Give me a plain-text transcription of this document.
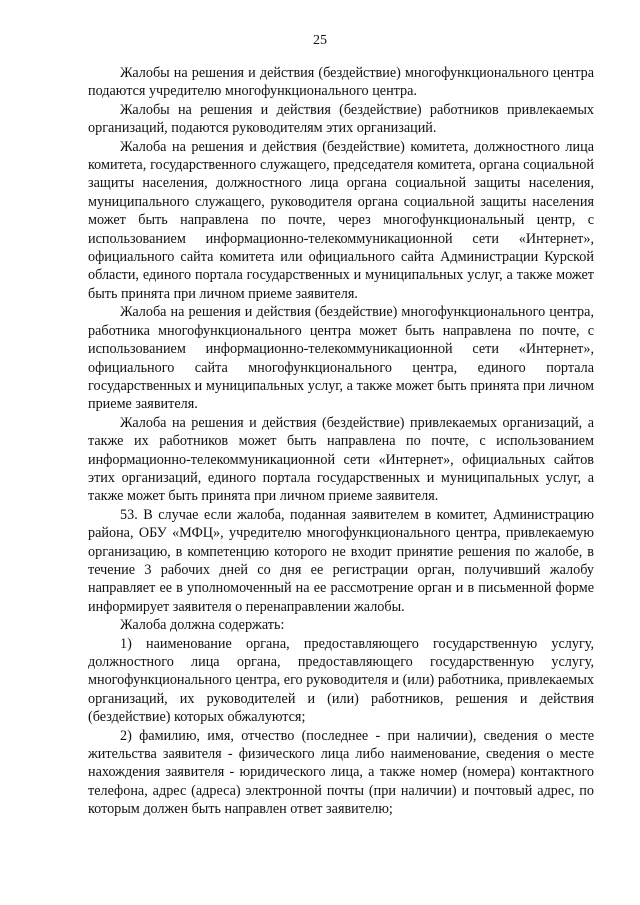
25

Жалобы на решения и действия (бездействие) многофункционального центра подаются учредителю многофункционального центра.

Жалобы на решения и действия (бездействие) работников привлекаемых организаций, подаются руководителям этих организаций.

Жалоба на решения и действия (бездействие) комитета, должностного лица комитета, государственного служащего, председателя комитета, органа социальной защиты населения, должностного лица органа социальной защиты населения, муниципального служащего, руководителя органа социальной защиты населения может быть направлена по почте, через многофункциональный центр, с использованием информационно-телекоммуникационной сети «Интернет», официального сайта комитета или официального сайта Администрации Курской области, единого портала государственных и муниципальных услуг, а также может быть принята при личном приеме заявителя.

Жалоба на решения и действия (бездействие) многофункционального центра, работника многофункционального центра может быть направлена по почте, с использованием информационно-телекоммуникационной сети «Интернет», официального сайта многофункционального центра, единого портала государственных и муниципальных услуг, а также может быть принята при личном приеме заявителя.

Жалоба на решения и действия (бездействие) привлекаемых организаций, а также их работников может быть направлена по почте, с использованием информационно-телекоммуникационной сети «Интернет», официальных сайтов этих организаций, единого портала государственных и муниципальных услуг, а также может быть принята при личном приеме заявителя.

53. В случае если жалоба, поданная заявителем в комитет, Администрацию района, ОБУ «МФЦ», учредителю многофункционального центра, привлекаемую организацию, в компетенцию которого не входит принятие решения по жалобе, в течение 3 рабочих дней со дня ее регистрации орган, получивший жалобу направляет ее в уполномоченный на ее рассмотрение орган и в письменной форме информирует заявителя о перенаправлении жалобы.

Жалоба должна содержать:

1) наименование органа, предоставляющего государственную услугу, должностного лица органа, предоставляющего государственную услугу, многофункционального центра, его руководителя и (или) работника, привлекаемых организаций, их руководителей и (или) работников, решения и действия (бездействие) которых обжалуются;

2) фамилию, имя, отчество (последнее - при наличии), сведения о месте жительства заявителя - физического лица либо наименование, сведения о месте нахождения заявителя - юридического лица, а также номер (номера) контактного телефона, адрес (адреса) электронной почты (при наличии) и почтовый адрес, по которым должен быть направлен ответ заявителю;
